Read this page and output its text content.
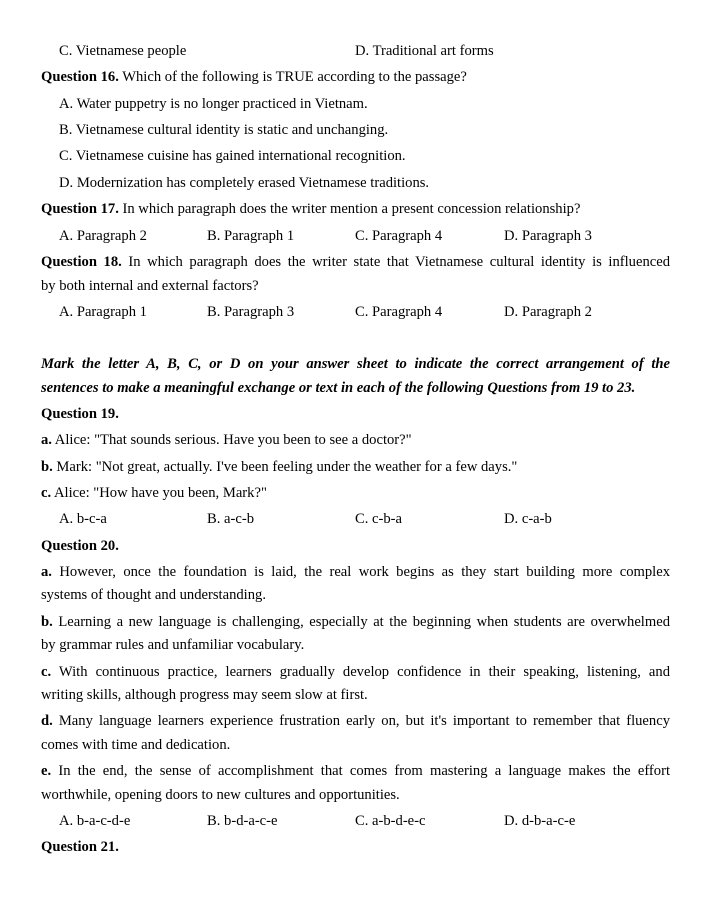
C. Vietnamese people	D. Traditional art forms
Question 16. Which of the following is TRUE according to the passage?
A. Water puppetry is no longer practiced in Vietnam.
B. Vietnamese cultural identity is static and unchanging.
C. Vietnamese cuisine has gained international recognition.
D. Modernization has completely erased Vietnamese traditions.
Question 17. In which paragraph does the writer mention a present concession relationship?
A. Paragraph 2	B. Paragraph 1	C. Paragraph 4	D. Paragraph 3
Question 18. In which paragraph does the writer state that Vietnamese cultural identity is influenced
by both internal and external factors?
A. Paragraph 1	B. Paragraph 3	C. Paragraph 4	D. Paragraph 2
Mark the letter A, B, C, or D on your answer sheet to indicate the correct arrangement of the
sentences to make a meaningful exchange or text in each of the following Questions from 19 to 23.
Question 19.
a. Alice: "That sounds serious. Have you been to see a doctor?"
b. Mark: "Not great, actually. I've been feeling under the weather for a few days."
c. Alice: "How have you been, Mark?"
A. b-c-a	B. a-c-b	C. c-b-a	D. c-a-b
Question 20.
a. However, once the foundation is laid, the real work begins as they start building more complex
systems of thought and understanding.
b. Learning a new language is challenging, especially at the beginning when students are overwhelmed
by grammar rules and unfamiliar vocabulary.
c. With continuous practice, learners gradually develop confidence in their speaking, listening, and
writing skills, although progress may seem slow at first.
d. Many language learners experience frustration early on, but it's important to remember that fluency
comes with time and dedication.
e. In the end, the sense of accomplishment that comes from mastering a language makes the effort
worthwhile, opening doors to new cultures and opportunities.
A. b-a-c-d-e	B. b-d-a-c-e	C. a-b-d-e-c	D. d-b-a-c-e
Question 21.
